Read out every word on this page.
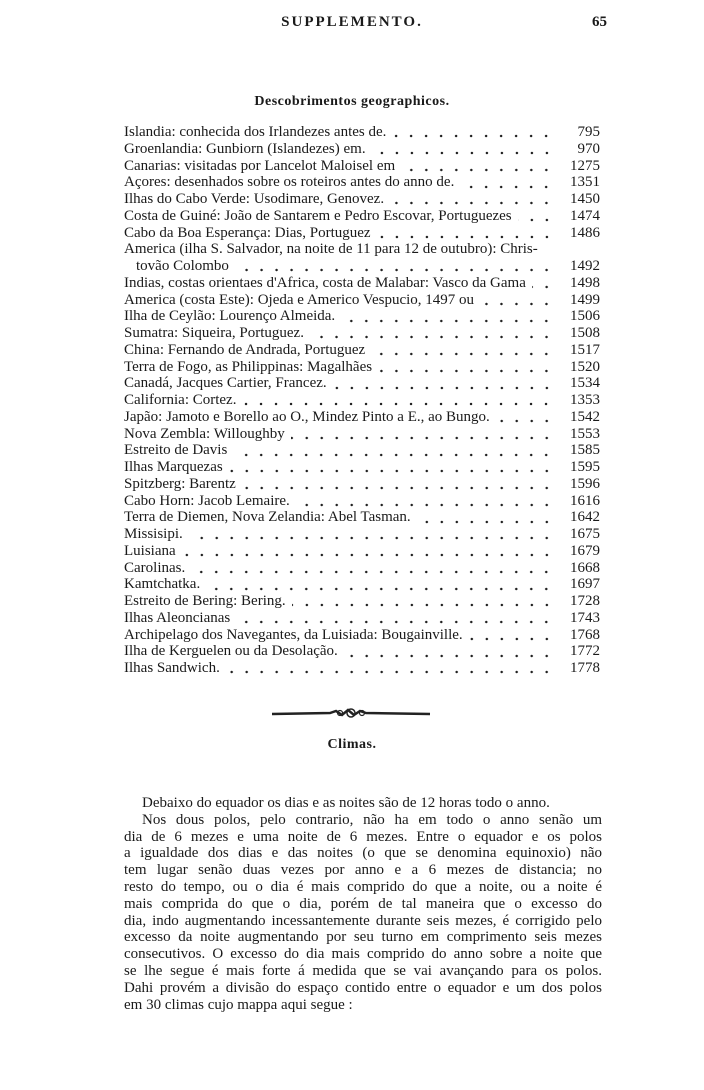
SUPPLEMENTO.	65
Descobrimentos geographicos.
Islandia: conhecida dos Irlandezes antes de.	795
Groenlandia: Gunbiorn (Islandezes) em.	970
Canarias: visitadas por Lancelot Maloisel em	1275
Açores: desenhados sobre os roteiros antes do anno de.	1351
Ilhas do Cabo Verde: Usodimare, Genovez.	1450
Costa de Guiné: João de Santarem e Pedro Escovar, Portuguezes	1474
Cabo da Boa Esperança: Dias, Portuguez	1486
America (ilha S. Salvador, na noite de 11 para 12 de outubro): Chris-
tovão Colombo	1492
Indias, costas orientaes d'Africa, costa de Malabar: Vasco da Gama	1498
America (costa Este): Ojeda e Americo Vespucio, 1497 ou	1499
Ilha de Ceylão: Lourenço Almeida.	1506
Sumatra: Siqueira, Portuguez.	1508
China: Fernando de Andrada, Portuguez	1517
Terra de Fogo, as Philippinas: Magalhães	1520
Canadá, Jacques Cartier, Francez.	1534
California: Cortez.	1353
Japão: Jamoto e Borello ao O., Mindez Pinto a E., ao Bungo.	1542
Nova Zembla: Willoughby	1553
Estreito de Davis	1585
Ilhas Marquezas	1595
Spitzberg: Barentz	1596
Cabo Horn: Jacob Lemaire.	1616
Terra de Diemen, Nova Zelandia: Abel Tasman.	1642
Missisipi.	1675
Luisiana	1679
Carolinas.	1668
Kamtchatka.	1697
Estreito de Bering: Bering.	1728
Ilhas Aleoncianas	1743
Archipelago dos Navegantes, da Luisiada: Bougainville.	1768
Ilha de Kerguelen ou da Desolação.	1772
Ilhas Sandwich.	1778
Climas.
Debaixo do equador os dias e as noites são de 12 horas todo o anno.
Nos dous polos, pelo contrario, não ha em todo o anno senão um
dia de 6 mezes e uma noite de 6 mezes. Entre o equador e os polos
a igualdade dos dias e das noites (o que se denomina equinoxio) não
tem lugar senão duas vezes por anno e a 6 mezes de distancia; no
resto do tempo, ou o dia é mais comprido do que a noite, ou a noite é
mais comprida do que o dia, porém de tal maneira que o excesso do
dia, indo augmentando incessantemente durante seis mezes, é corrigido pelo
excesso da noite augmentando por seu turno em comprimento seis mezes
consecutivos. O excesso do dia mais comprido do anno sobre a noite que
se lhe segue é mais forte á medida que se vai avançando para os polos.
Dahi provém a divisão do espaço contido entre o equador e um dos polos
em 30 climas cujo mappa aqui segue :
